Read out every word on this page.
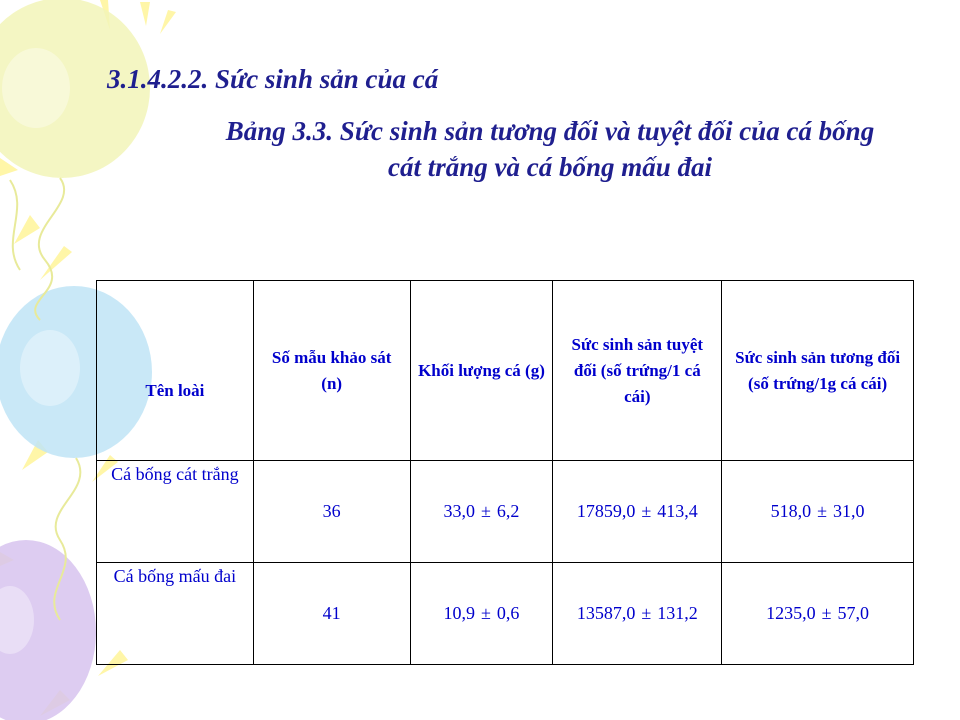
3.1.4.2.2. Sức sinh sản của cá
Bảng 3.3. Sức sinh sản tương đối và tuyệt đối của cá bống
cát trắng và cá bống mấu đai
Tên loài	Số mẫu khảo sát (n)	Khối lượng cá (g)	Sức sinh sản tuyệt đối (số trứng/1 cá cái)	Sức sinh sản tương đối (số trứng/1g cá cái)
Cá bống cát trắng	36	33,0 ± 6,2	17859,0 ± 413,4	518,0 ± 31,0
Cá bống mấu đai	41	10,9 ± 0,6	13587,0 ± 131,2	1235,0 ± 57,0
